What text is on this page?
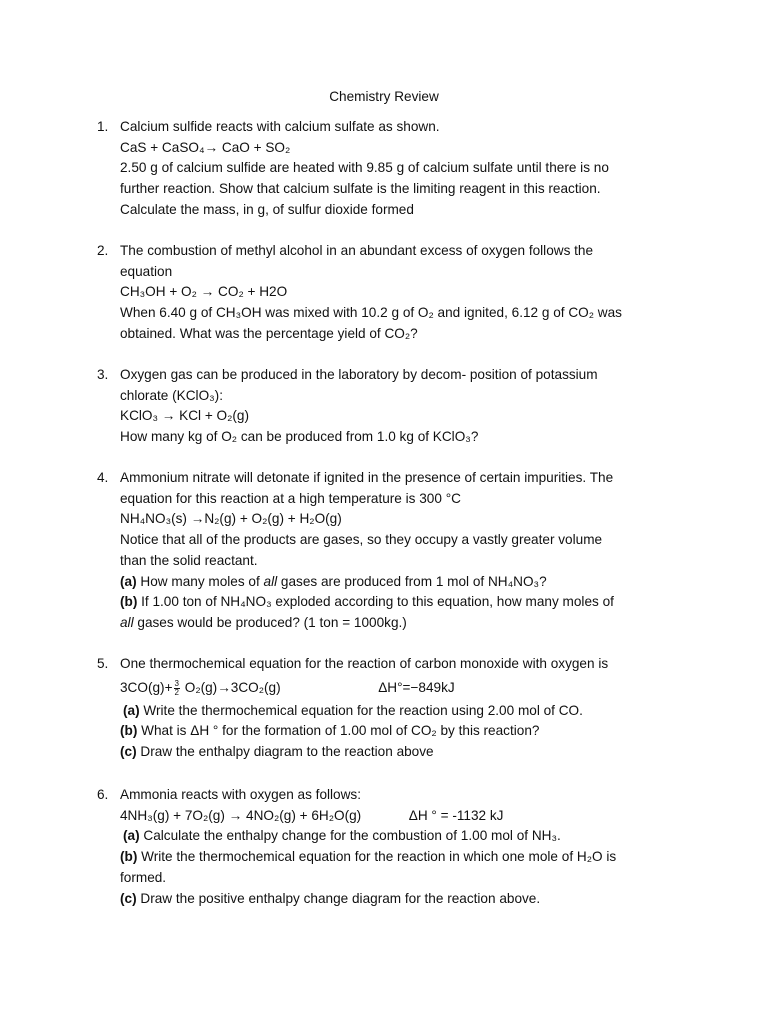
Chemistry Review
1. Calcium sulfide reacts with calcium sulfate as shown.
CaS + CaSO₄→ CaO + SO₂
2.50 g of calcium sulfide are heated with 9.85 g of calcium sulfate until there is no
further reaction. Show that calcium sulfate is the limiting reagent in this reaction.
Calculate the mass, in g, of sulfur dioxide formed
2. The combustion of methyl alcohol in an abundant excess of oxygen follows the
equation
CH₃OH + O₂ → CO₂ + H2O
When 6.40 g of CH₃OH was mixed with 10.2 g of O₂ and ignited, 6.12 g of CO₂ was
obtained. What was the percentage yield of CO₂?
3. Oxygen gas can be produced in the laboratory by decom- position of potassium
chlorate (KClO₃):
KClO₃ → KCl + O₂(g)
How many kg of O₂ can be produced from 1.0 kg of KClO₃?
4. Ammonium nitrate will detonate if ignited in the presence of certain impurities. The
equation for this reaction at a high temperature is 300 °C
NH₄NO₃(s) →N₂(g) + O₂(g) + H₂O(g)
Notice that all of the products are gases, so they occupy a vastly greater volume
than the solid reactant.
(a) How many moles of all gases are produced from 1 mol of NH₄NO₃?
(b) If 1.00 ton of NH₄NO₃ exploded according to this equation, how many moles of
all gases would be produced? (1 ton = 1000kg.)
5. One thermochemical equation for the reaction of carbon monoxide with oxygen is
$3CO(g)+ \frac{3}{2} O_2(g)\to 3CO_2(g)$	ΔH°=−849kJ
(a) Write the thermochemical equation for the reaction using 2.00 mol of CO.
(b) What is ΔH ° for the formation of 1.00 mol of CO₂ by this reaction?
(c) Draw the enthalpy diagram to the reaction above
6. Ammonia reacts with oxygen as follows:
4NH₃(g) + 7O₂(g) → 4NO₂(g) + 6H₂O(g)	ΔH ° = -1132 kJ
(a) Calculate the enthalpy change for the combustion of 1.00 mol of NH₃.
(b) Write the thermochemical equation for the reaction in which one mole of H₂O is
formed.
(c) Draw the positive enthalpy change diagram for the reaction above.
